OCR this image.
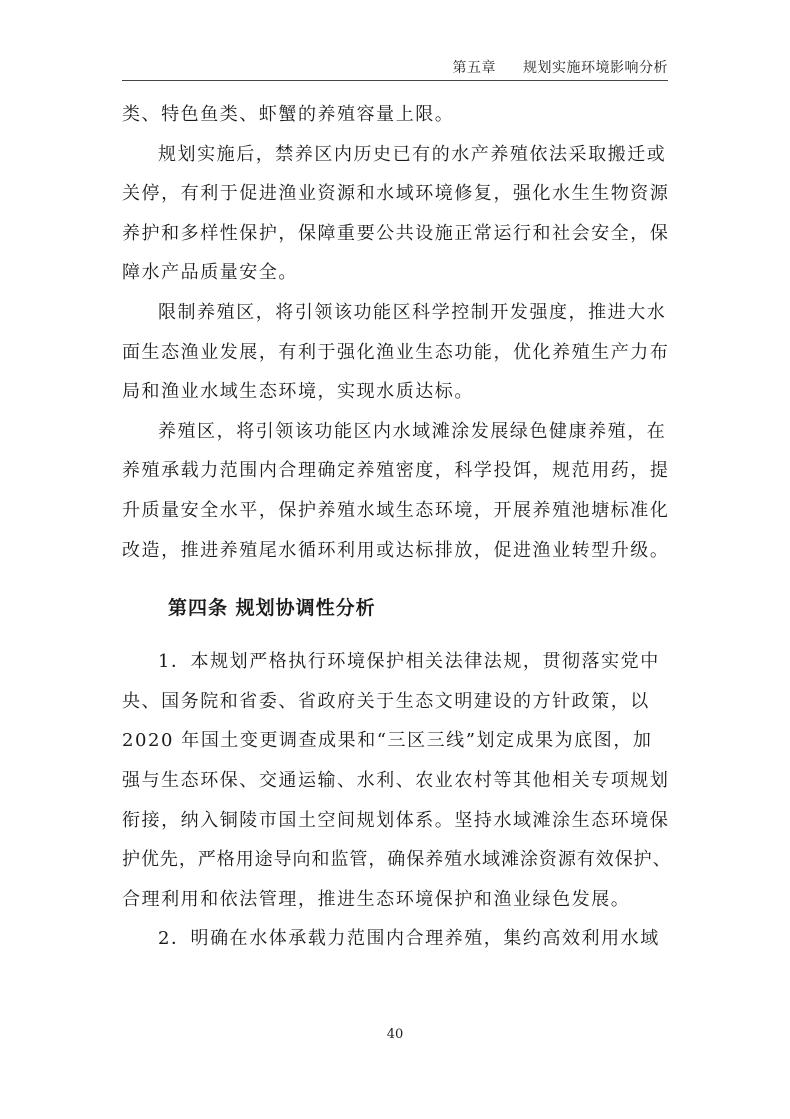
第五章 规划实施环境影响分析

类、特色鱼类、虾蟹的养殖容量上限。

规划实施后，禁养区内历史已有的水产养殖依法采取搬迁或
关停，有利于促进渔业资源和水域环境修复，强化水生生物资源
养护和多样性保护，保障重要公共设施正常运行和社会安全，保
障水产品质量安全。

限制养殖区，将引领该功能区科学控制开发强度，推进大水
面生态渔业发展，有利于强化渔业生态功能，优化养殖生产力布
局和渔业水域生态环境，实现水质达标。

养殖区，将引领该功能区内水域滩涂发展绿色健康养殖，在
养殖承载力范围内合理确定养殖密度，科学投饵，规范用药，提
升质量安全水平，保护养殖水域生态环境，开展养殖池塘标准化
改造，推进养殖尾水循环利用或达标排放，促进渔业转型升级。

第四条 规划协调性分析

1．本规划严格执行环境保护相关法律法规，贯彻落实党中
央、国务院和省委、省政府关于生态文明建设的方针政策，以
2020 年国土变更调查成果和“三区三线”划定成果为底图，加
强与生态环保、交通运输、水利、农业农村等其他相关专项规划
衔接，纳入铜陵市国土空间规划体系。坚持水域滩涂生态环境保
护优先，严格用途导向和监管，确保养殖水域滩涂资源有效保护、
合理利用和依法管理，推进生态环境保护和渔业绿色发展。

2．明确在水体承载力范围内合理养殖，集约高效利用水域

40
